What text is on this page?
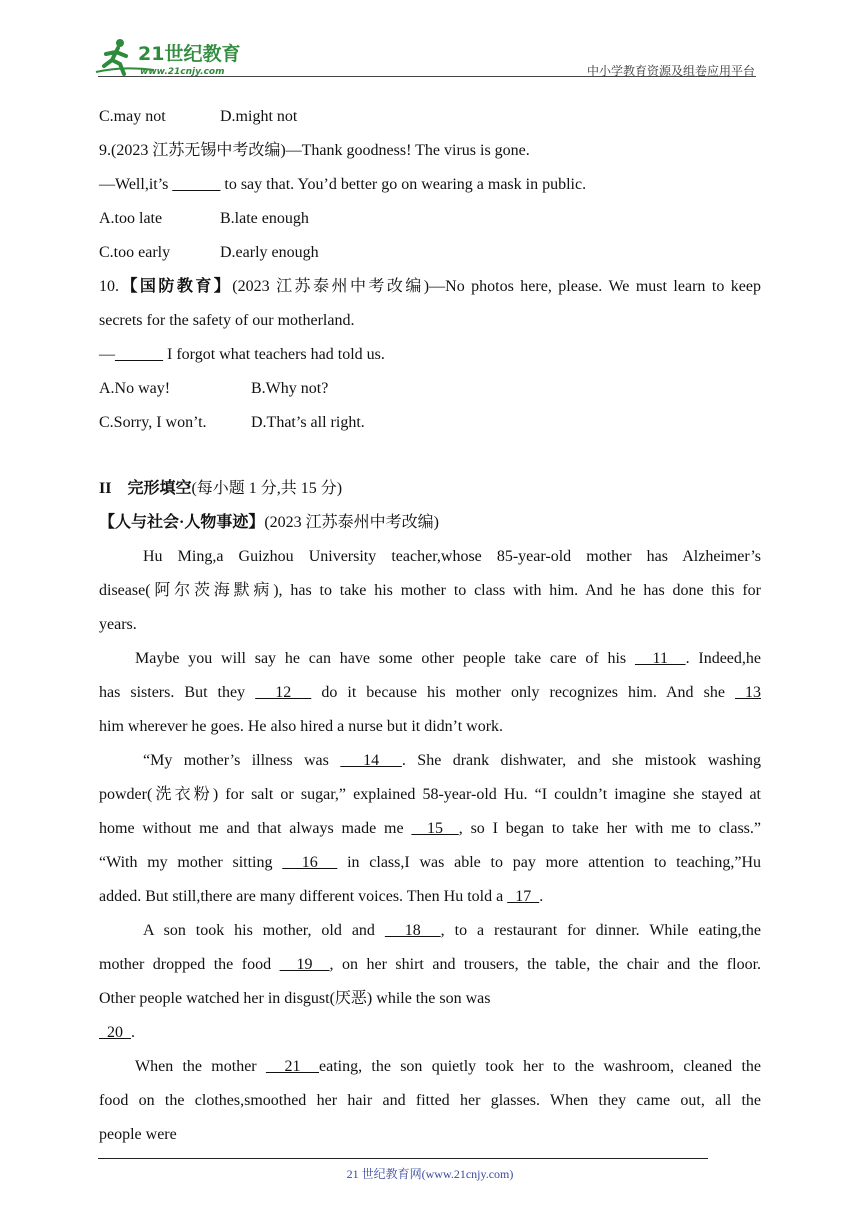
21世纪教育
www.21cnjy.com	中小学教育资源及组卷应用平台
C.may not	D.might not
9.(2023 江苏无锡中考改编)—Thank goodness! The virus is gone.
—Well,it’s ______ to say that. You’d better go on wearing a mask in public.
A.too late	B.late enough
C.too early	D.early enough
10.【国防教育】(2023 江苏泰州中考改编)—No photos here, please. We must learn to keep
secrets for the safety of our motherland.
—______ I forgot what teachers had told us.
A.No way!	B.Why not?
C.Sorry, I won’t.	D.That’s all right.
II 完形填空(每小题 1 分,共 15 分)
【人与社会·人物事迹】(2023 江苏泰州中考改编)
Hu Ming,a Guizhou University teacher,whose 85-year-old mother has Alzheimer’s
disease(阿尔茨海默病), has to take his mother to class with him. And he has done this for
years.
Maybe you will say he can have some other people take care of his   11  . Indeed,he
has sisters. But they   12   do it because his mother only recognizes him. And she  13
him wherever he goes. He also hired a nurse but it didn’t work.
“My mother’s illness was   14  . She drank dishwater, and she mistook washing
powder(洗衣粉) for salt or sugar,” explained 58-year-old Hu. “I couldn’t imagine she stayed at
home without me and that always made me   15  , so I began to take her with me to class.”
“With my mother sitting   16   in class,I was able to pay more attention to teaching,”Hu
added. But still,there are many different voices. Then Hu told a   17  .
A son took his mother, old and   18  , to a restaurant for dinner. While eating,the
mother dropped the food   19  , on her shirt and trousers, the table, the chair and the floor.
Other people watched her in disgust(厌恶) while the son was
20  .
When the mother   21  eating, the son quietly took her to the washroom, cleaned the
food on the clothes,smoothed her hair and fitted her glasses. When they came out, all the
people were
21 世纪教育网(www.21cnjy.com)
